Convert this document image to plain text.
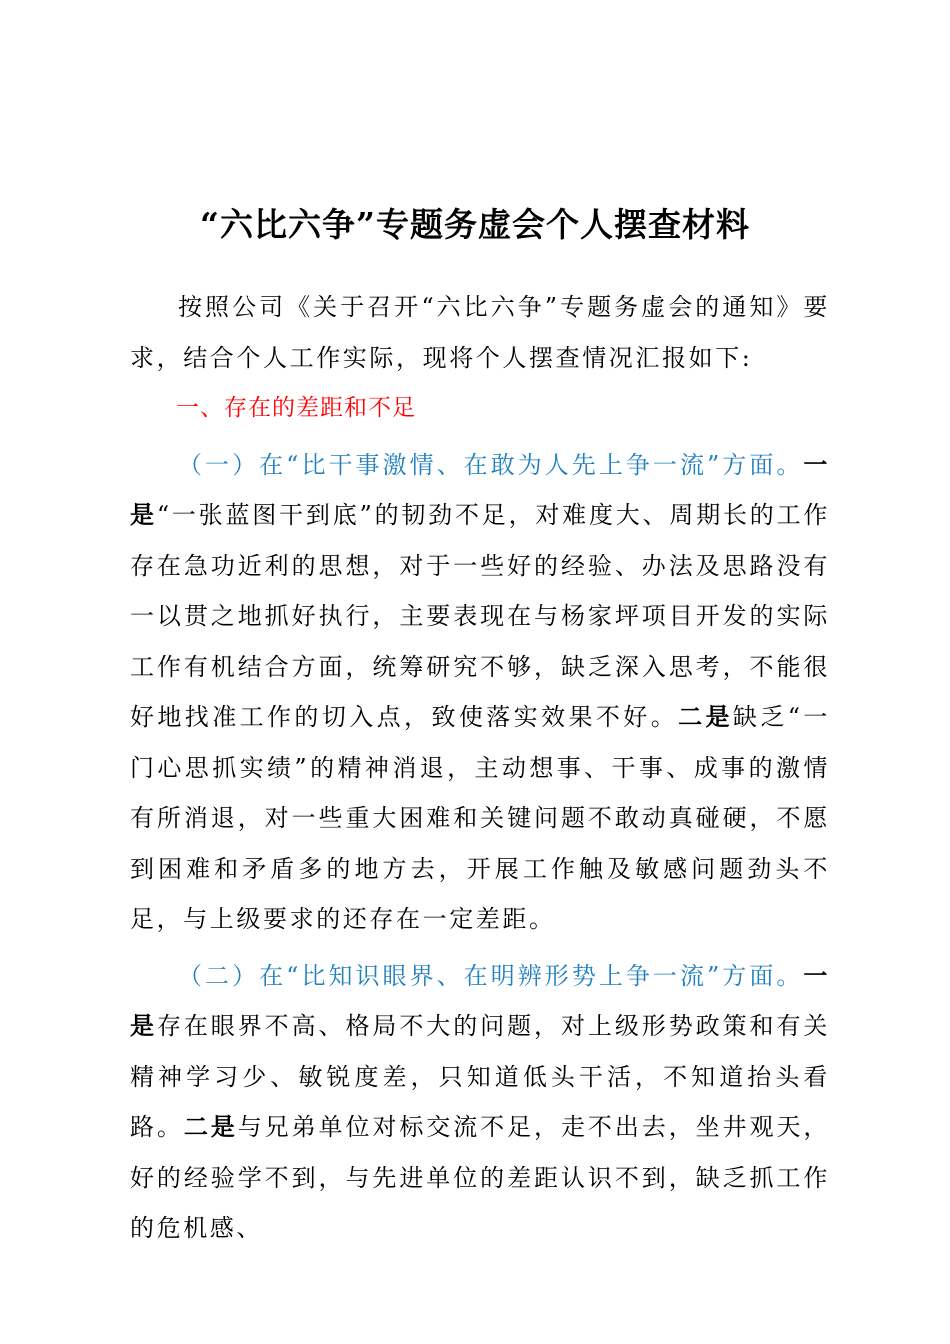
“六比六争”专题务虚会个人摆查材料

按照公司《关于召开“六比六争”专题务虚会的通知》要求，结合个人工作实际，现将个人摆查情况汇报如下:

一、存在的差距和不足

（一）在“比干事激情、在敢为人先上争一流”方面。一是“一张蓝图干到底”的韧劲不足，对难度大、周期长的工作存在急功近利的思想，对于一些好的经验、办法及思路没有一以贯之地抓好执行，主要表现在与杨家坪项目开发的实际工作有机结合方面，统筹研究不够，缺乏深入思考，不能很好地找准工作的切入点，致使落实效果不好。二是缺乏“一门心思抓实绩”的精神消退，主动想事、干事、成事的激情有所消退，对一些重大困难和关键问题不敢动真碰硬，不愿到困难和矛盾多的地方去，开展工作触及敏感问题劲头不足，与上级要求的还存在一定差距。

（二）在“比知识眼界、在明辨形势上争一流”方面。一是存在眼界不高、格局不大的问题，对上级形势政策和有关精神学习少、敏锐度差，只知道低头干活，不知道抬头看路。二是与兄弟单位对标交流不足，走不出去，坐井观天，好的经验学不到，与先进单位的差距认识不到，缺乏抓工作的危机感、
